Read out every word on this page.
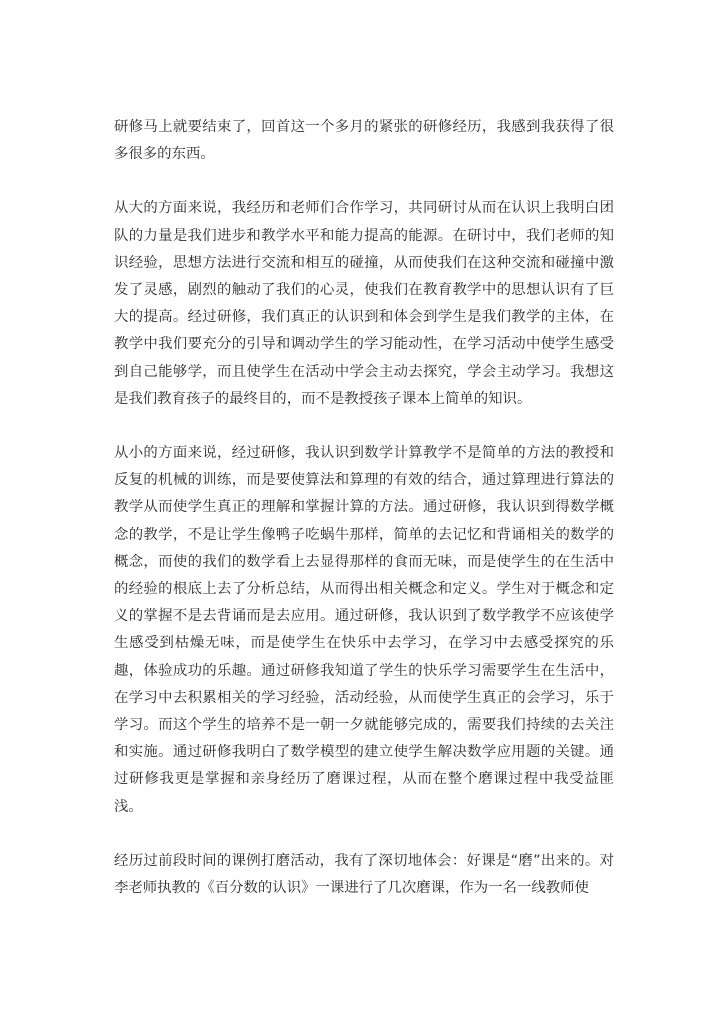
研修马上就要结束了，回首这一个多月的紧张的研修经历，我感到我获得了很多很多的东西。

从大的方面来说，我经历和老师们合作学习，共同研讨从而在认识上我明白团队的力量是我们进步和教学水平和能力提高的能源。在研讨中，我们老师的知识经验，思想方法进行交流和相互的碰撞，从而使我们在这种交流和碰撞中激发了灵感，剧烈的触动了我们的心灵，使我们在教育教学中的思想认识有了巨大的提高。经过研修，我们真正的认识到和体会到学生是我们教学的主体，在教学中我们要充分的引导和调动学生的学习能动性，在学习活动中使学生感受到自己能够学，而且使学生在活动中学会主动去探究，学会主动学习。我想这是我们教育孩子的最终目的，而不是教授孩子课本上简单的知识。

从小的方面来说，经过研修，我认识到数学计算教学不是简单的方法的教授和反复的机械的训练，而是要使算法和算理的有效的结合，通过算理进行算法的教学从而使学生真正的理解和掌握计算的方法。通过研修，我认识到得数学概念的教学，不是让学生像鸭子吃蜗牛那样，简单的去记忆和背诵相关的数学的概念，而使的我们的数学看上去显得那样的食而无味，而是使学生的在生活中的经验的根底上去了分析总结，从而得出相关概念和定义。学生对于概念和定义的掌握不是去背诵而是去应用。通过研修，我认识到了数学教学不应该使学生感受到枯燥无味，而是使学生在快乐中去学习，在学习中去感受探究的乐趣，体验成功的乐趣。通过研修我知道了学生的快乐学习需要学生在生活中，在学习中去积累相关的学习经验，活动经验，从而使学生真正的会学习，乐于学习。而这个学生的培养不是一朝一夕就能够完成的，需要我们持续的去关注和实施。通过研修我明白了数学模型的建立使学生解决数学应用题的关键。通过研修我更是掌握和亲身经历了磨课过程，从而在整个磨课过程中我受益匪浅。

经历过前段时间的课例打磨活动，我有了深切地体会：好课是“磨”出来的。对李老师执教的《百分数的认识》一课进行了几次磨课，作为一名一线教师使
